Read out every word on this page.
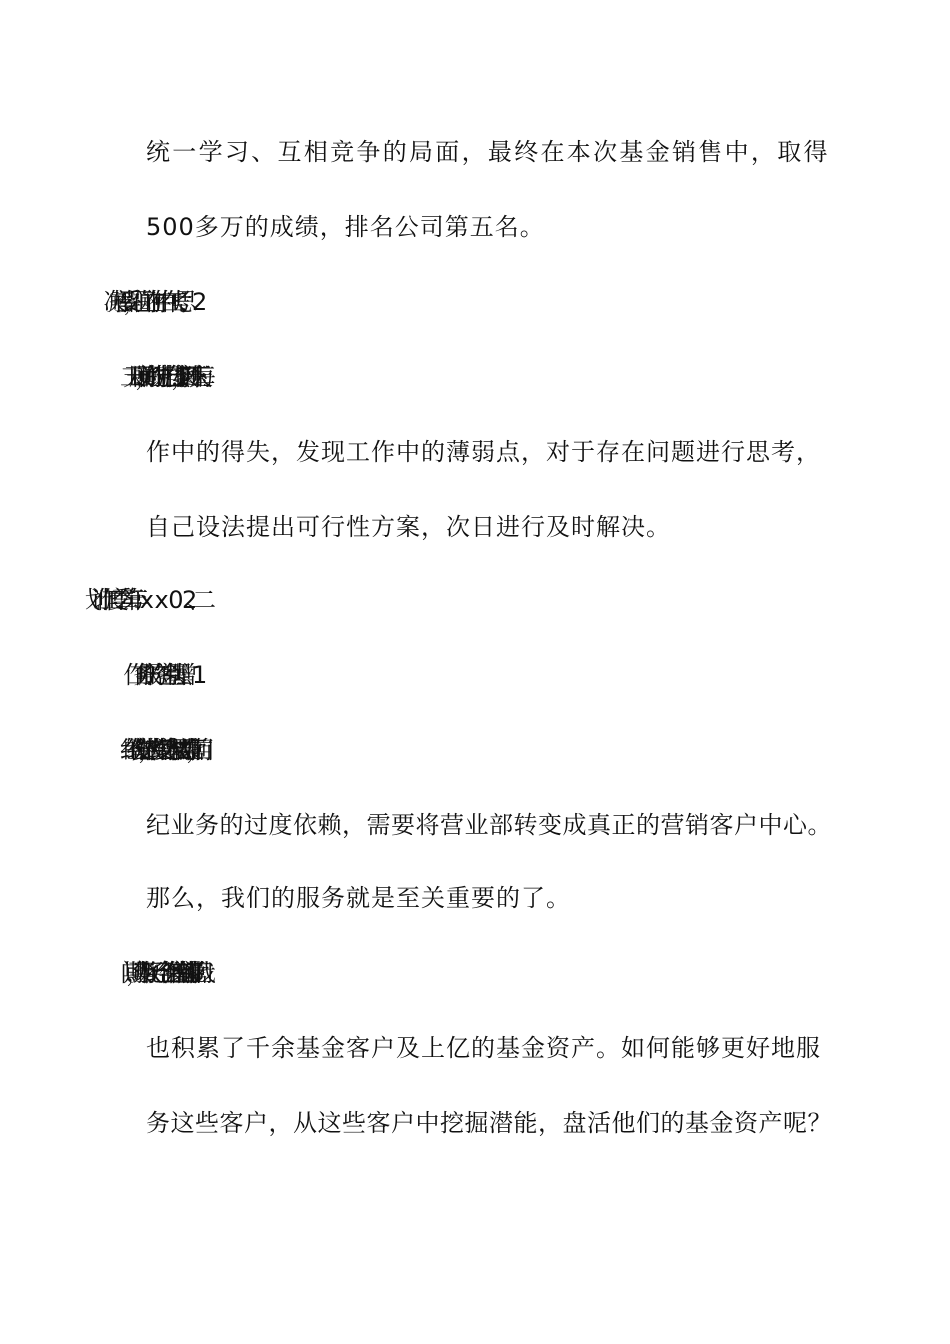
统一学习、互相竞争的局面，最终在本次基金销售中，取得
500多万的成绩，排名公司第五名。
作中的得失，发现工作中的薄弱点，对于存在问题进行思考，
自己设法提出可行性方案，次日进行及时解决。
纪业务的过度依赖，需要将营业部转变成真正的营销客户中心。
那么，我们的服务就是至关重要的了。
也积累了千余基金客户及上亿的基金资产。如何能够更好地服
务这些客户，从这些客户中挖掘潜能，盘活他们的基金资产呢？
